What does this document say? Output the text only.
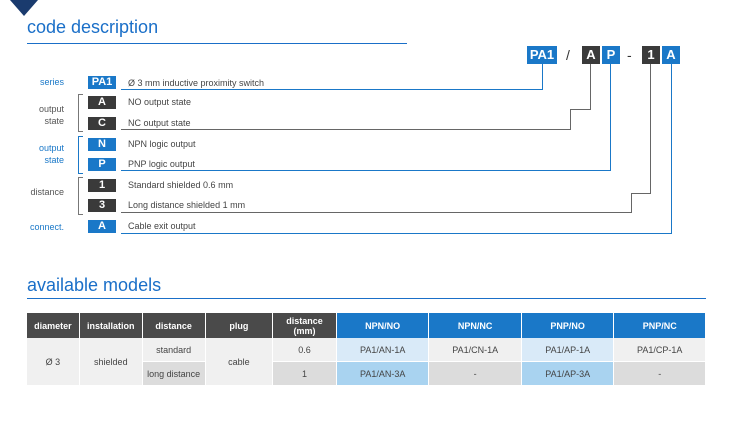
code description
PA1 /	A P -	1 A
series
output
state
output
state
distance
connect.
PA1
A
C
N
P
1
3
A
Ø 3 mm inductive proximity switch
NO output state
NC output state
NPN logic output
PNP logic output
Standard shielded 0.6 mm
Long distance shielded 1 mm
Cable exit output
available models
diameter	installation	distance	plug	distance
(mm)	NPN/NO	NPN/NC	PNP/NO	PNP/NC
Ø 3	shielded	standard	cable	0.6	PA1/AN-1A	PA1/CN-1A	PA1/AP-1A	PA1/CP-1A
		long distance		1	PA1/AN-3A	-	PA1/AP-3A	-
